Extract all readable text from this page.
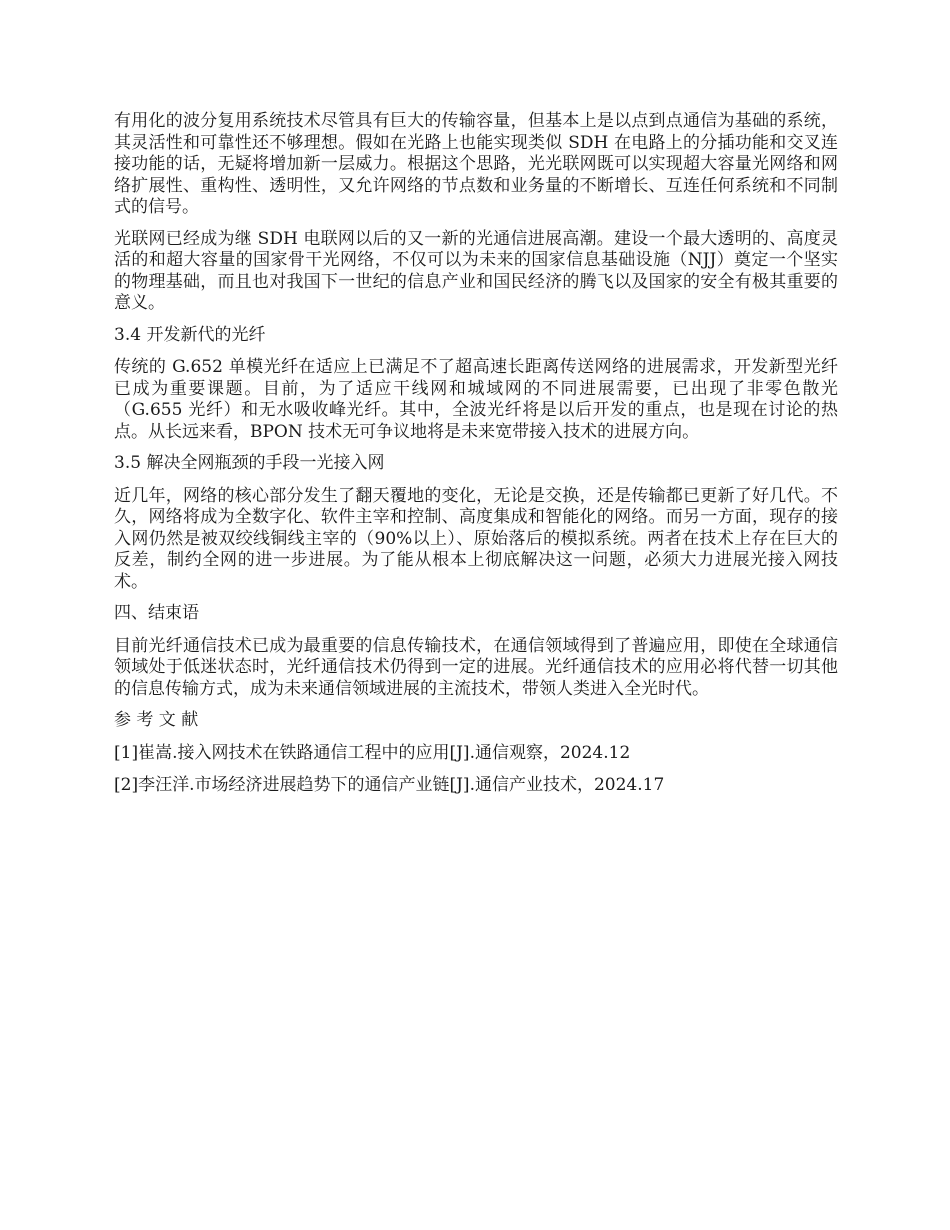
有用化的波分复用系统技术尽管具有巨大的传输容量，但基本上是以点到点通信为基础的系统，其灵活性和可靠性还不够理想。假如在光路上也能实现类似 SDH 在电路上的分插功能和交叉连接功能的话，无疑将增加新一层威力。根据这个思路，光光联网既可以实现超大容量光网络和网络扩展性、重构性、透明性，又允许网络的节点数和业务量的不断增长、互连任何系统和不同制式的信号。

光联网已经成为继 SDH 电联网以后的又一新的光通信进展高潮。建设一个最大透明的、高度灵活的和超大容量的国家骨干光网络，不仅可以为未来的国家信息基础设施（NJJ）奠定一个坚实的物理基础，而且也对我国下一世纪的信息产业和国民经济的腾飞以及国家的安全有极其重要的意义。

3.4 开发新代的光纤

传统的 G.652 单模光纤在适应上已满足不了超高速长距离传送网络的进展需求，开发新型光纤已成为重要课题。目前，为了适应干线网和城域网的不同进展需要，已出现了非零色散光（G.655 光纤）和无水吸收峰光纤。其中，全波光纤将是以后开发的重点，也是现在讨论的热点。从长远来看，BPON 技术无可争议地将是未来宽带接入技术的进展方向。

3.5 解决全网瓶颈的手段一光接入网

近几年，网络的核心部分发生了翻天覆地的变化，无论是交换，还是传输都已更新了好几代。不久，网络将成为全数字化、软件主宰和控制、高度集成和智能化的网络。而另一方面，现存的接入网仍然是被双绞线铜线主宰的（90%以上）、原始落后的模拟系统。两者在技术上存在巨大的反差，制约全网的进一步进展。为了能从根本上彻底解决这一问题，必须大力进展光接入网技术。

四、结束语

目前光纤通信技术已成为最重要的信息传输技术，在通信领域得到了普遍应用，即使在全球通信领域处于低迷状态时，光纤通信技术仍得到一定的进展。光纤通信技术的应用必将代替一切其他的信息传输方式，成为未来通信领域进展的主流技术，带领人类进入全光时代。

参 考 文 献

[1]崔嵩.接入网技术在铁路通信工程中的应用[J].通信观察，2024.12

[2]李汪洋.市场经济进展趋势下的通信产业链[J].通信产业技术，2024.17
